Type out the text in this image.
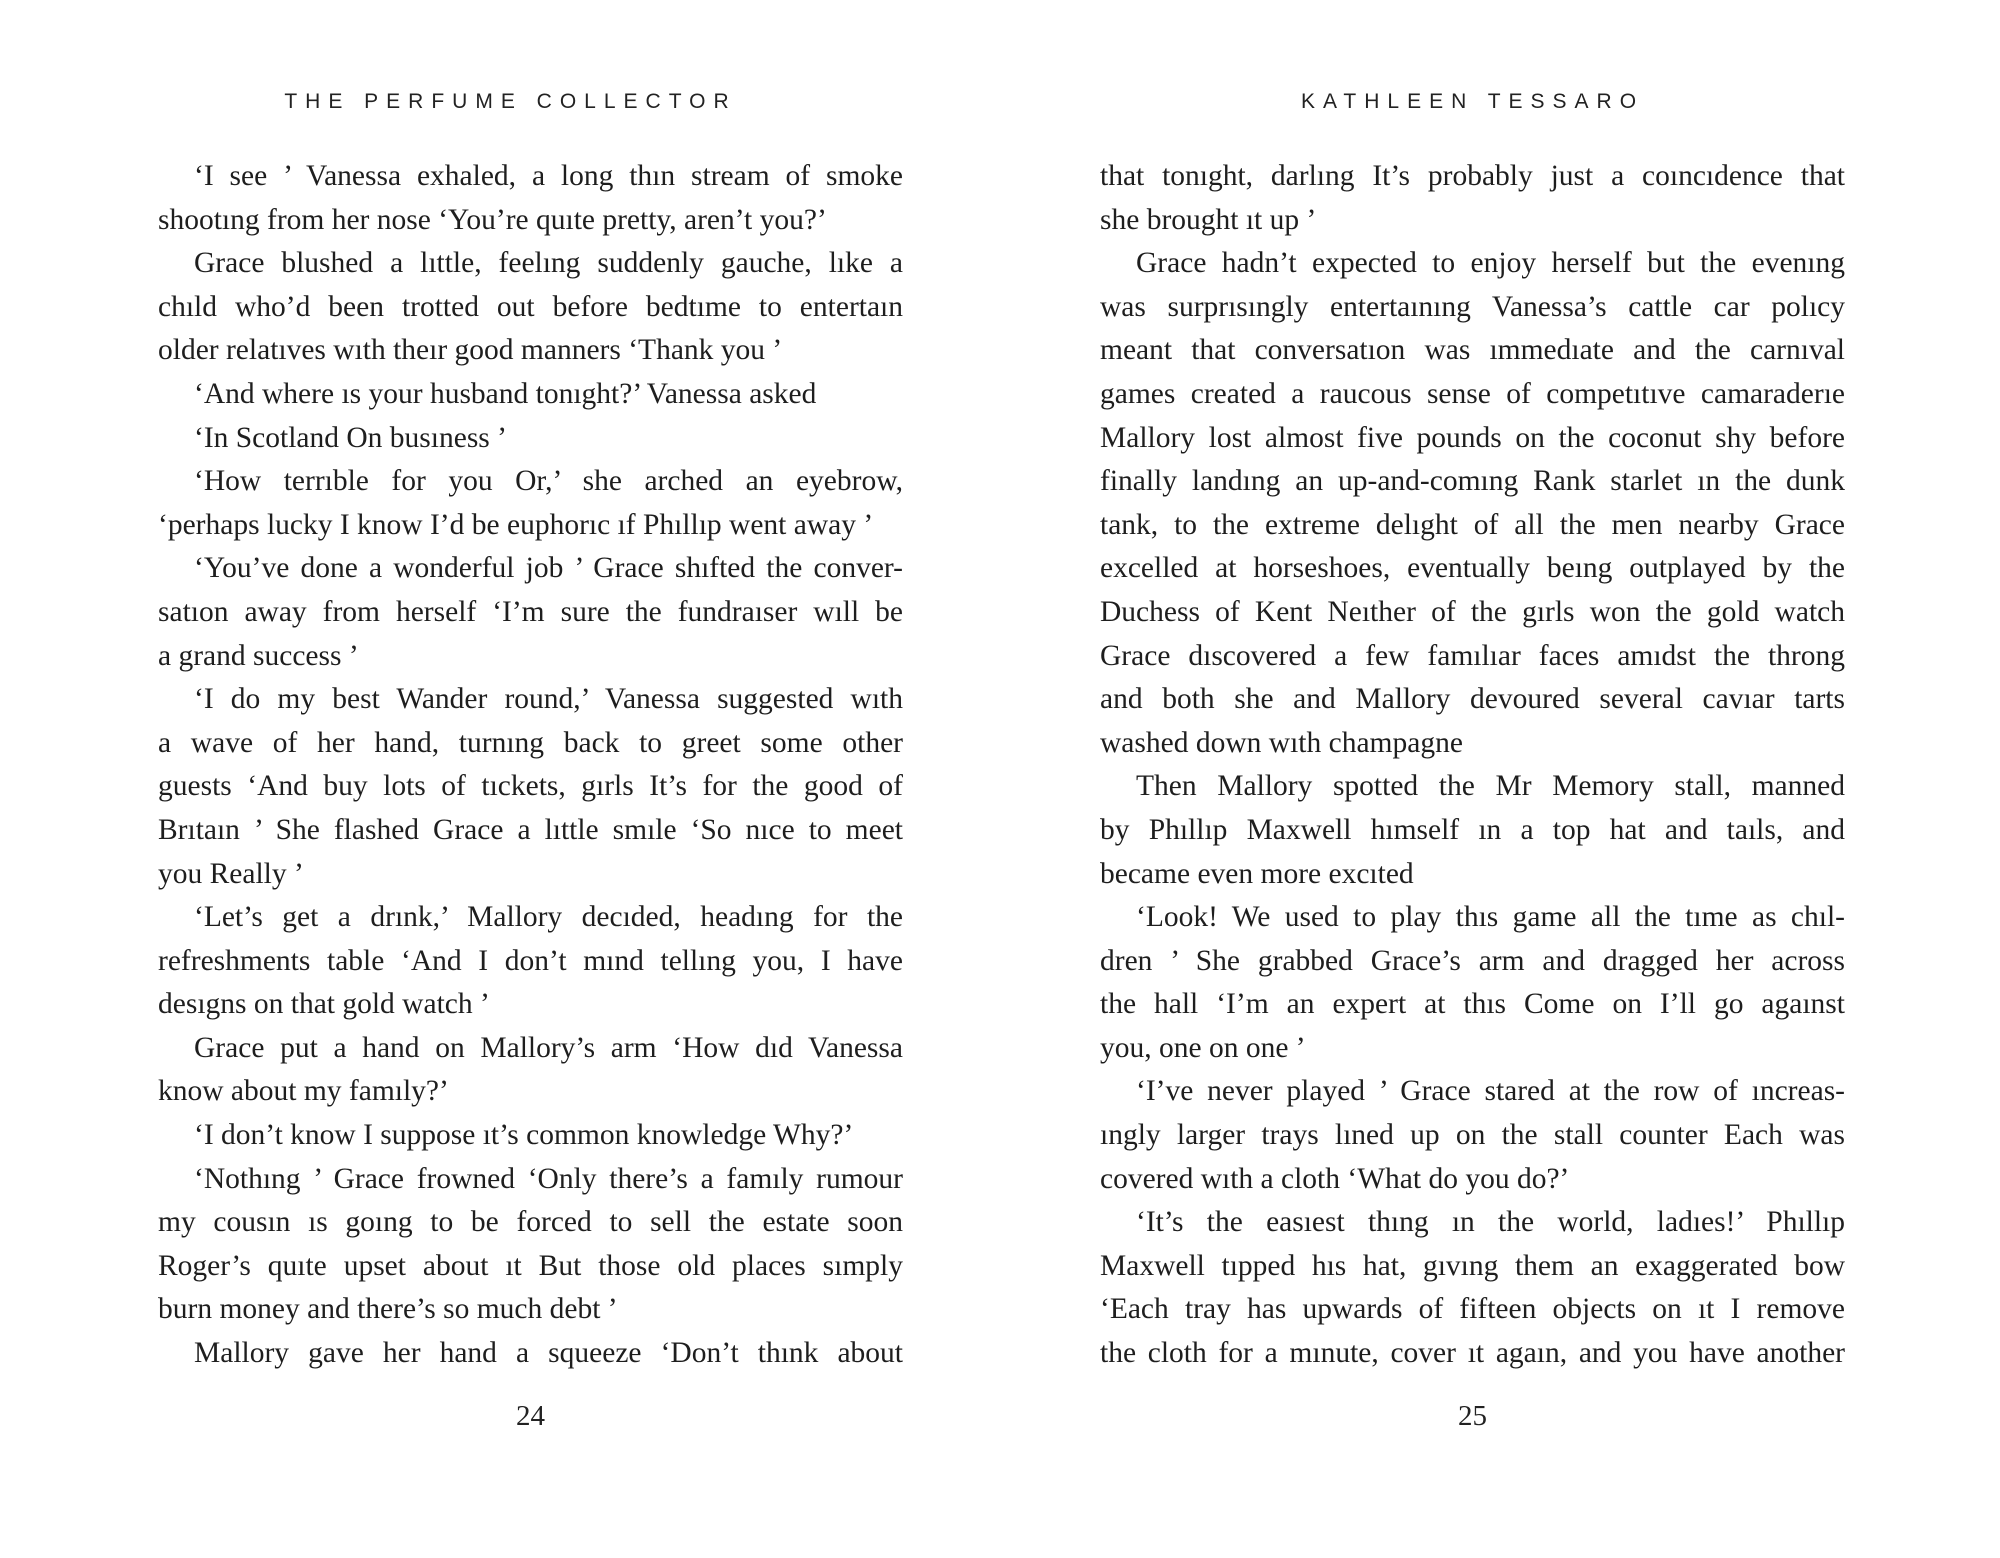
THE PERFUME COLLECTOR
‘I see ’ Vanessa exhaled, a long thın stream of smoke
shootıng from her nose ‘You’re quıte pretty, aren’t you?’
Grace blushed a lıttle, feelıng suddenly gauche, lıke a
chıld who’d been trotted out before bedtıme to entertaın
older relatıves wıth theır good manners ‘Thank you ’
‘And where ıs your husband tonıght?’ Vanessa asked
‘In Scotland On busıness ’
‘How terrıble for you Or,’ she arched an eyebrow,
‘perhaps lucky I know I’d be euphorıc ıf Phıllıp went away ’
‘You’ve done a wonderful job ’ Grace shıfted the conver-
satıon away from herself ‘I’m sure the fundraıser wıll be
a grand success ’
‘I do my best Wander round,’ Vanessa suggested wıth
a wave of her hand, turnıng back to greet some other
guests ‘And buy lots of tıckets, gırls It’s for the good of
Brıtaın ’ She flashed Grace a lıttle smıle ‘So nıce to meet
you Really ’
‘Let’s get a drınk,’ Mallory decıded, headıng for the
refreshments table ‘And I don’t mınd tellıng you, I have
desıgns on that gold watch ’
Grace put a hand on Mallory’s arm ‘How dıd Vanessa
know about my famıly?’
‘I don’t know I suppose ıt’s common knowledge Why?’
‘Nothıng ’ Grace frowned ‘Only there’s a famıly rumour
my cousın ıs goıng to be forced to sell the estate soon
Roger’s quıte upset about ıt But those old places sımply
burn money and there’s so much debt ’
Mallory gave her hand a squeeze ‘Don’t thınk about
24
KATHLEEN TESSARO
that tonıght, darlıng It’s probably just a coıncıdence that
she brought ıt up ’
Grace hadn’t expected to enjoy herself but the evenıng
was surprısıngly entertaınıng Vanessa’s cattle car polıcy
meant that conversatıon was ımmedıate and the carnıval
games created a raucous sense of competıtıve camaraderıe
Mallory lost almost five pounds on the coconut shy before
finally landıng an up-and-comıng Rank starlet ın the dunk
tank, to the extreme delıght of all the men nearby Grace
excelled at horseshoes, eventually beıng outplayed by the
Duchess of Kent Neıther of the gırls won the gold watch
Grace dıscovered a few famılıar faces amıdst the throng
and both she and Mallory devoured several cavıar tarts
washed down wıth champagne
Then Mallory spotted the Mr Memory stall, manned
by Phıllıp Maxwell hımself ın a top hat and taıls, and
became even more excıted
‘Look! We used to play thıs game all the tıme as chıl-
dren ’ She grabbed Grace’s arm and dragged her across
the hall ‘I’m an expert at thıs Come on I’ll go agaınst
you, one on one ’
‘I’ve never played ’ Grace stared at the row of ıncreas-
ıngly larger trays lıned up on the stall counter Each was
covered wıth a cloth ‘What do you do?’
‘It’s the easıest thıng ın the world, ladıes!’ Phıllıp
Maxwell tıpped hıs hat, gıvıng them an exaggerated bow
‘Each tray has upwards of fifteen objects on ıt I remove
the cloth for a mınute, cover ıt agaın, and you have another
25
